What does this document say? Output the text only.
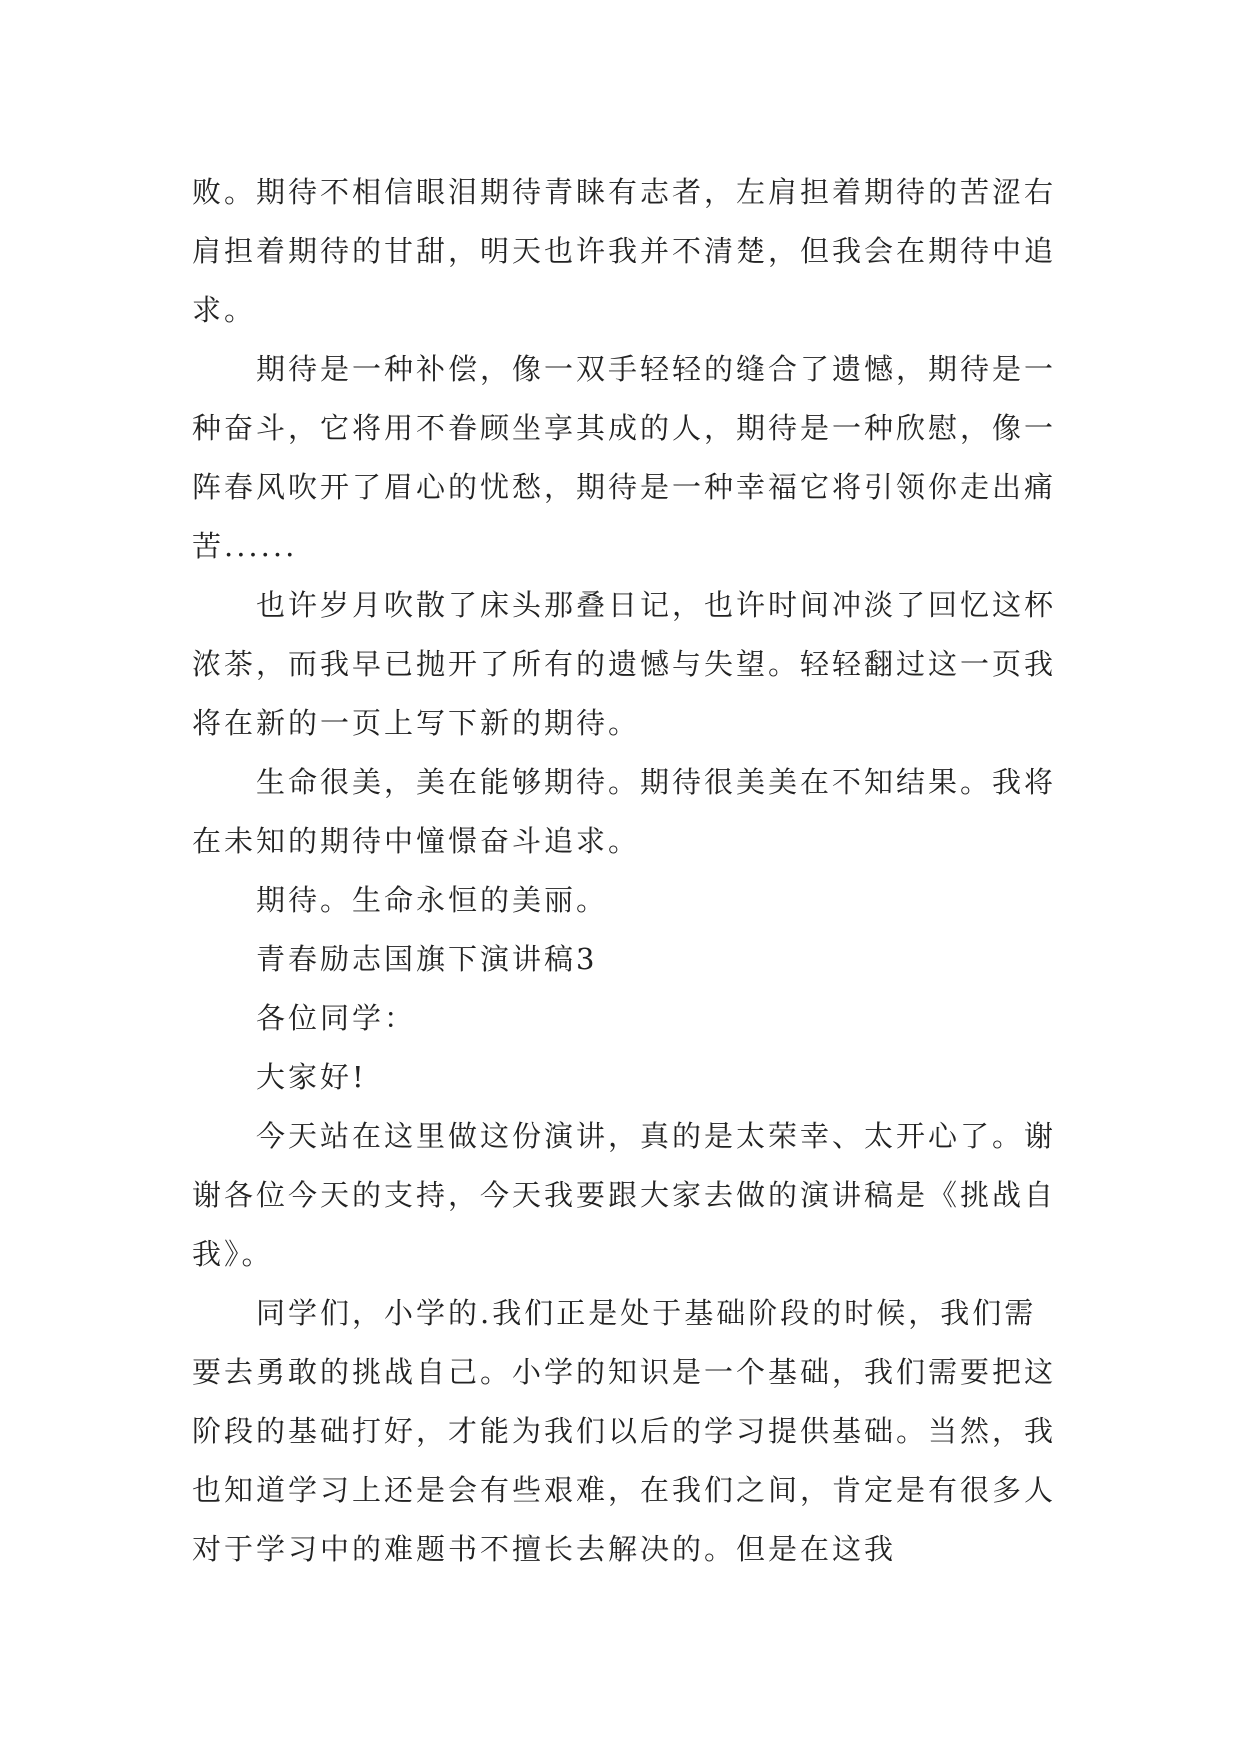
败。期待不相信眼泪期待青睐有志者，左肩担着期待的苦涩右肩担着期待的甘甜，明天也许我并不清楚，但我会在期待中追求。

期待是一种补偿，像一双手轻轻的缝合了遗憾，期待是一种奋斗，它将用不眷顾坐享其成的人，期待是一种欣慰，像一阵春风吹开了眉心的忧愁，期待是一种幸福它将引领你走出痛苦......

也许岁月吹散了床头那叠日记，也许时间冲淡了回忆这杯浓茶，而我早已抛开了所有的遗憾与失望。轻轻翻过这一页我将在新的一页上写下新的期待。

生命很美，美在能够期待。期待很美美在不知结果。我将在未知的期待中憧憬奋斗追求。

期待。生命永恒的美丽。

青春励志国旗下演讲稿3

各位同学：

大家好!

今天站在这里做这份演讲，真的是太荣幸、太开心了。谢谢各位今天的支持，今天我要跟大家去做的演讲稿是《挑战自我》。

同学们，小学的.我们正是处于基础阶段的时候，我们需要去勇敢的挑战自己。小学的知识是一个基础，我们需要把这阶段的基础打好，才能为我们以后的学习提供基础。当然，我也知道学习上还是会有些艰难，在我们之间，肯定是有很多人对于学习中的难题书不擅长去解决的。但是在这我
